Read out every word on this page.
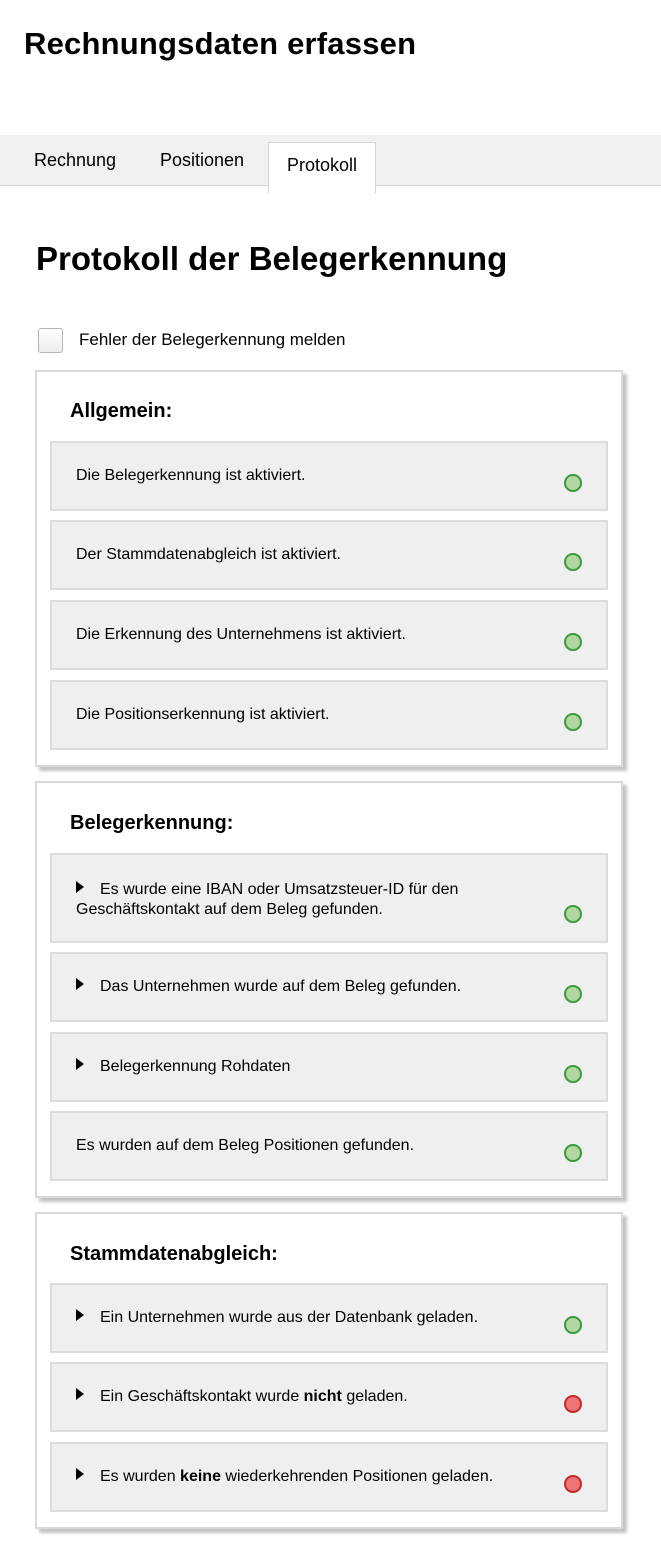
Rechnungsdaten erfassen
Rechnung	Positionen	Protokoll
Protokoll der Belegerkennung
Fehler der Belegerkennung melden
Allgemein:
Die Belegerkennung ist aktiviert.
Der Stammdatenabgleich ist aktiviert.
Die Erkennung des Unternehmens ist aktiviert.
Die Positionserkennung ist aktiviert.
Belegerkennung:
Es wurde eine IBAN oder Umsatzsteuer-ID für den Geschäftskontakt auf dem Beleg gefunden.
Das Unternehmen wurde auf dem Beleg gefunden.
Belegerkennung Rohdaten
Es wurden auf dem Beleg Positionen gefunden.
Stammdatenabgleich:
Ein Unternehmen wurde aus der Datenbank geladen.
Ein Geschäftskontakt wurde nicht geladen.
Es wurden keine wiederkehrenden Positionen geladen.
